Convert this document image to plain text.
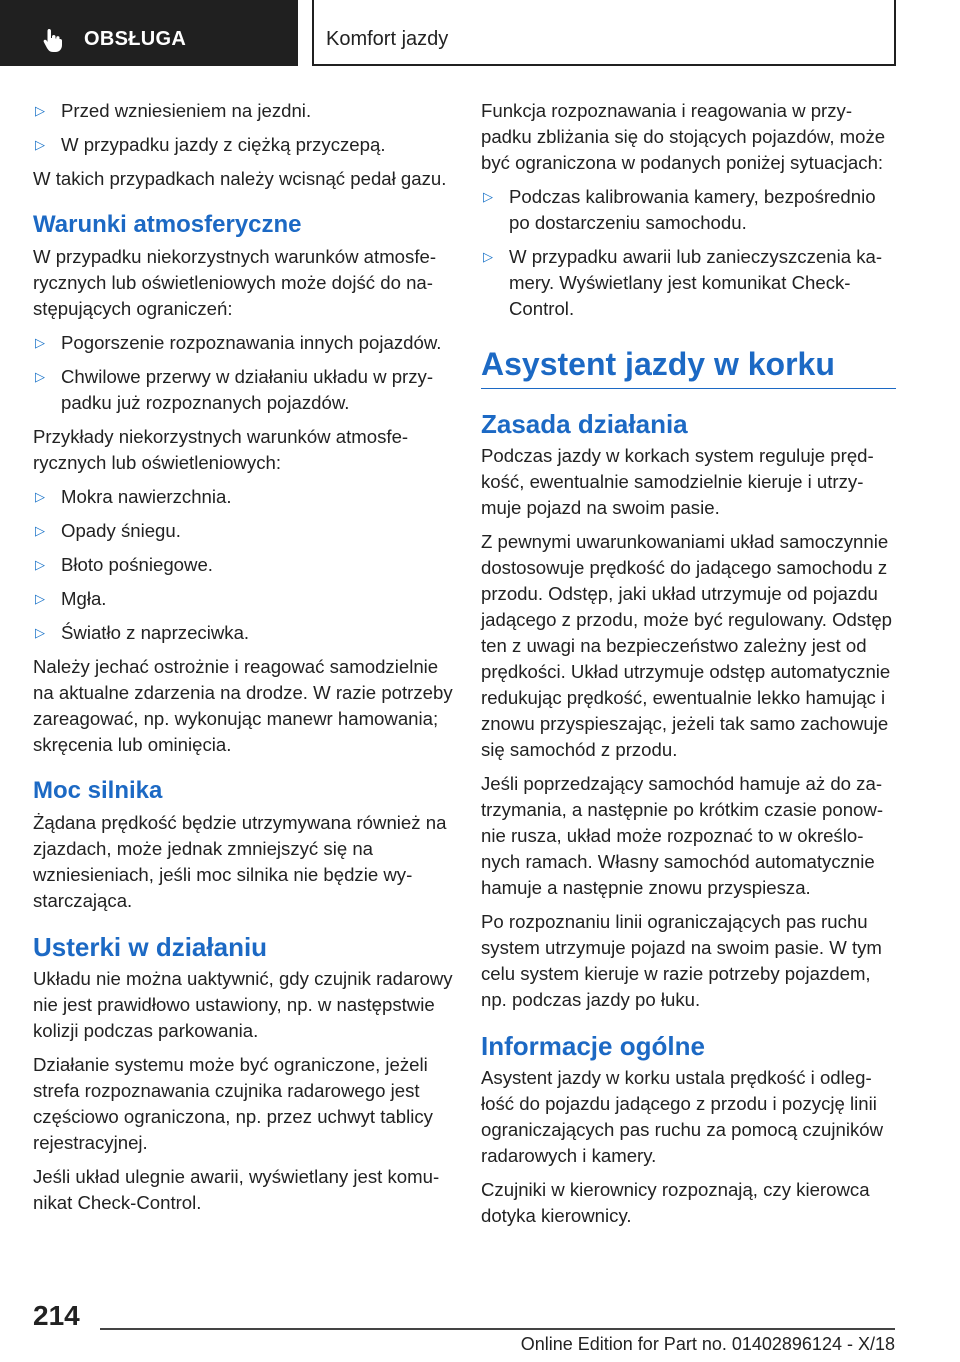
OBSŁUGA	Komfort jazdy
▷ Przed wzniesieniem na jezdni.
▷ W przypadku jazdy z ciężką przyczepą.

W takich przypadkach należy wcisnąć pedał gazu.

Warunki atmosferyczne

W przypadku niekorzystnych warunków atmosferycznych lub oświetleniowych może dojść do następujących ograniczeń:

▷ Pogorszenie rozpoznawania innych pojazdów.
▷ Chwilowe przerwy w działaniu układu w przypadku już rozpoznanych pojazdów.

Przykłady niekorzystnych warunków atmosferycznych lub oświetleniowych:

▷ Mokra nawierzchnia.
▷ Opady śniegu.
▷ Błoto pośniegowe.
▷ Mgła.
▷ Światło z naprzeciwka.

Należy jechać ostrożnie i reagować samodzielnie na aktualne zdarzenia na drodze. W razie potrzeby zareagować, np. wykonując manewr hamowania; skręcenia lub ominięcia.

Moc silnika

Żądana prędkość będzie utrzymywana również na zjazdach, może jednak zmniejszyć się na wzniesieniach, jeśli moc silnika nie będzie wystarczająca.

Usterki w działaniu

Układu nie można uaktywnić, gdy czujnik radarowy nie jest prawidłowo ustawiony, np. w następstwie kolizji podczas parkowania.

Działanie systemu może być ograniczone, jeżeli strefa rozpoznawania czujnika radarowego jest częściowo ograniczona, np. przez uchwyt tablicy rejestracyjnej.

Jeśli układ ulegnie awarii, wyświetlany jest komunikat Check-Control.

Funkcja rozpoznawania i reagowania w przypadku zbliżania się do stojących pojazdów, może być ograniczona w podanych poniżej sytuacjach:

▷ Podczas kalibrowania kamery, bezpośrednio po dostarczeniu samochodu.
▷ W przypadku awarii lub zanieczyszczenia kamery. Wyświetlany jest komunikat Check-Control.
Asystent jazdy w korku
Zasada działania

Podczas jazdy w korkach system reguluje prędkość, ewentualnie samodzielnie kieruje i utrzymuje pojazd na swoim pasie.

Z pewnymi uwarunkowaniami układ samoczynnie dostosowuje prędkość do jadącego samochodu z przodu. Odstęp, jaki układ utrzymuje od pojazdu jadącego z przodu, może być regulowany. Odstęp ten z uwagi na bezpieczeństwo zależny jest od prędkości. Układ utrzymuje odstęp automatycznie redukując prędkość, ewentualnie lekko hamując i znowu przyspieszając, jeżeli tak samo zachowuje się samochód z przodu.

Jeśli poprzedzający samochód hamuje aż do zatrzymania, a następnie po krótkim czasie ponownie rusza, układ może rozpoznać to w określonych ramach. Własny samochód automatycznie hamuje a następnie znowu przyspiesza.

Po rozpoznaniu linii ograniczających pas ruchu system utrzymuje pojazd na swoim pasie. W tym celu system kieruje w razie potrzeby pojazdem, np. podczas jazdy po łuku.

Informacje ogólne

Asystent jazdy w korku ustala prędkość i odległość do pojazdu jadącego z przodu i pozycję linii ograniczających pas ruchu za pomocą czujników radarowych i kamery.

Czujniki w kierownicy rozpoznają, czy kierowca dotyka kierownicy.

214
Online Edition for Part no. 01402896124 - X/18
